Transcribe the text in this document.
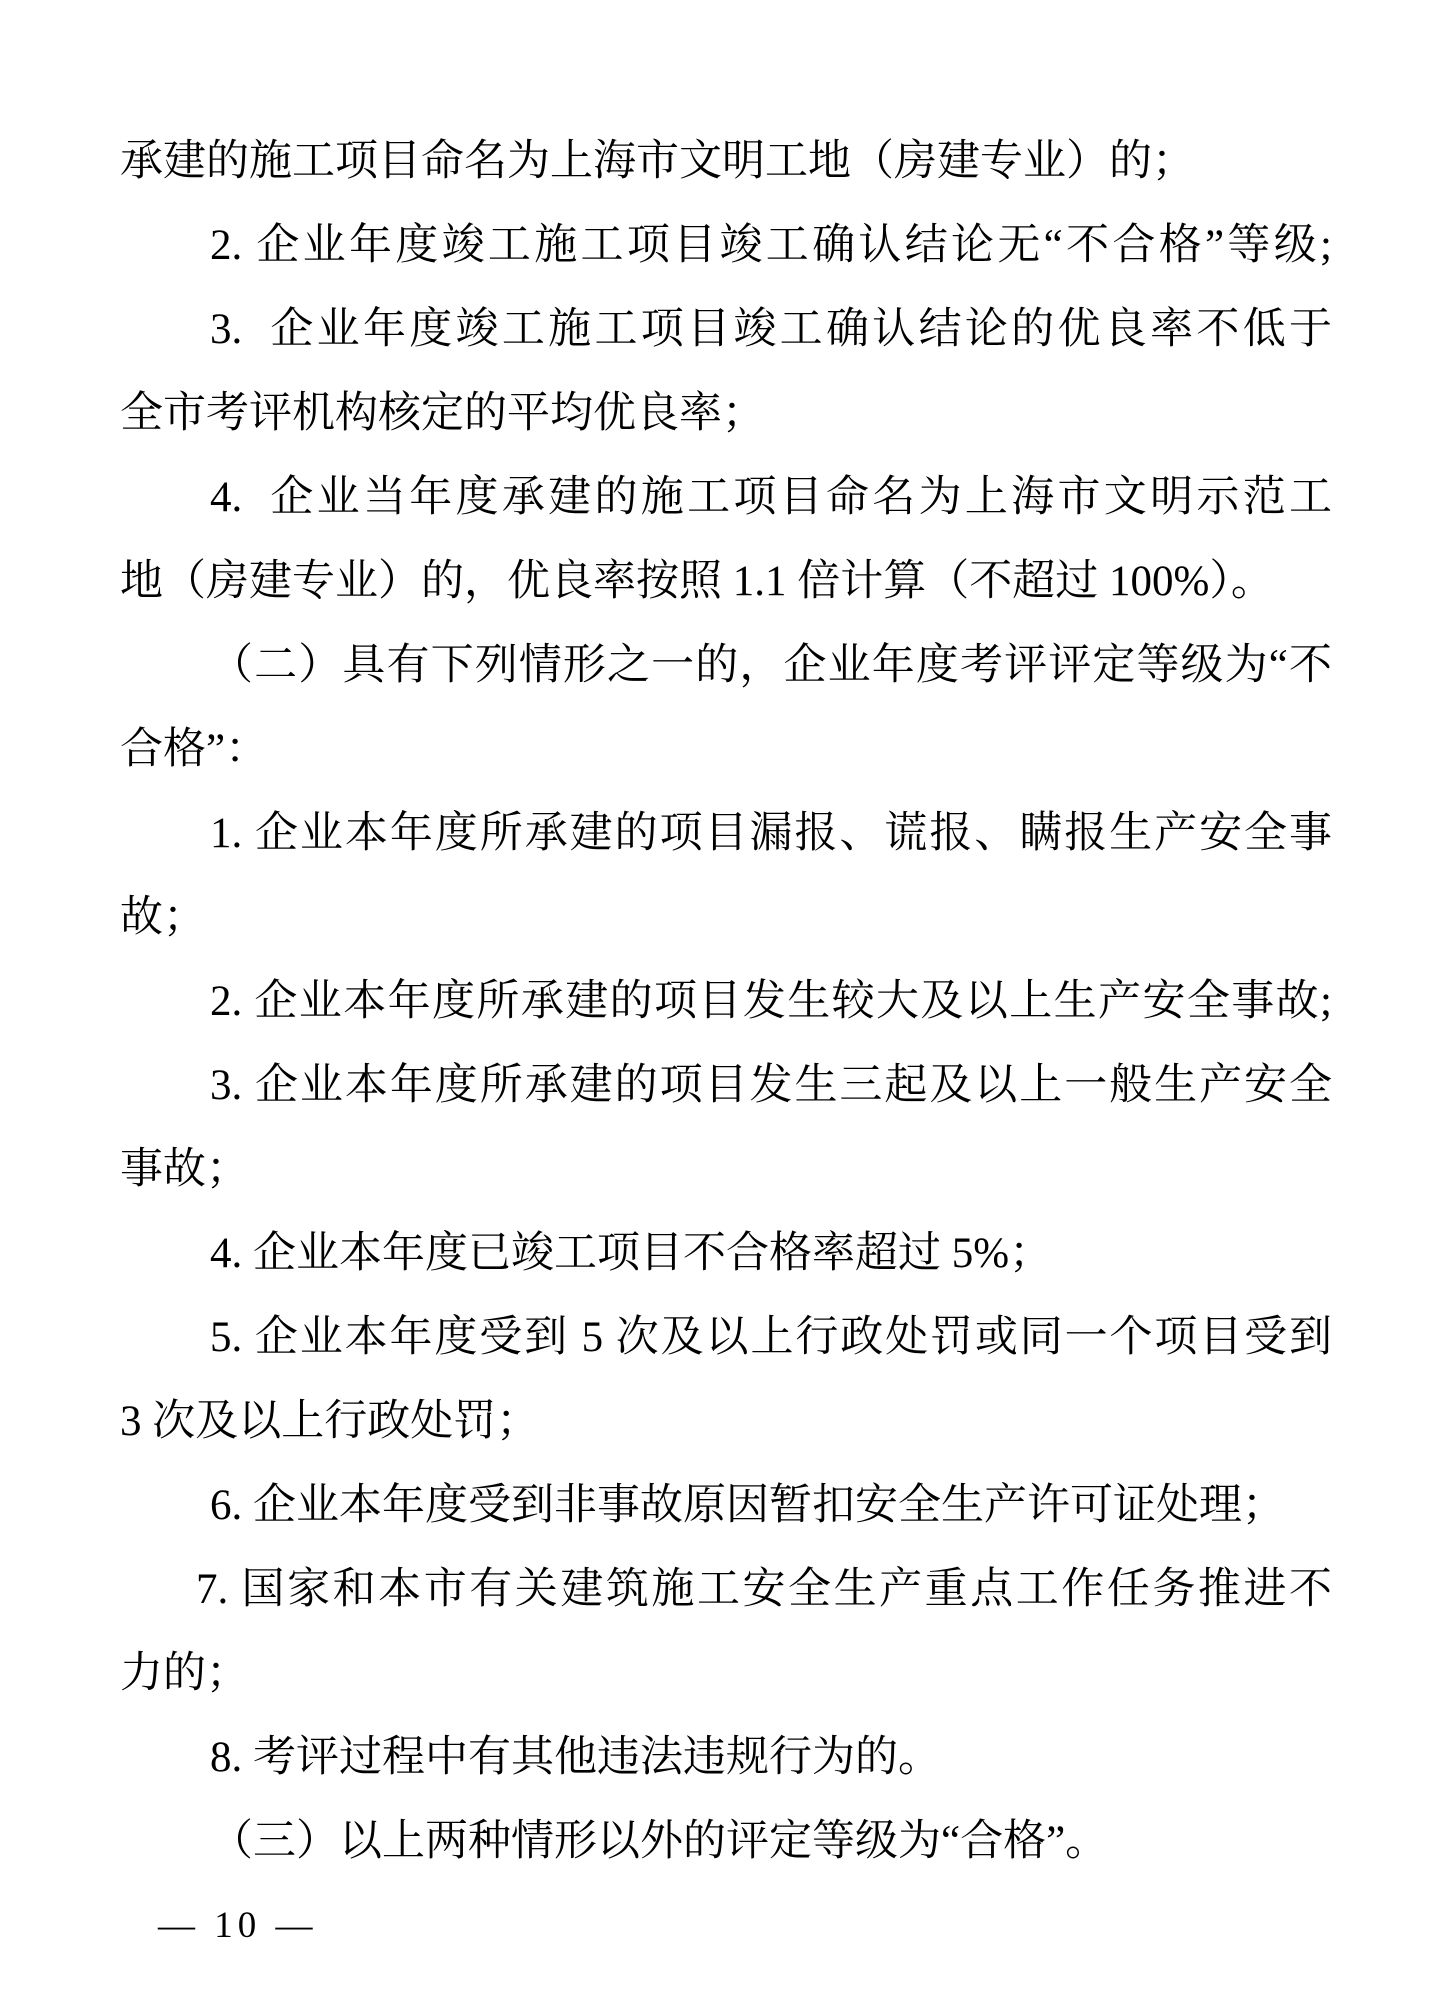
承建的施工项目命名为上海市文明工地（房建专业）的；
2. 企业年度竣工施工项目竣工确认结论无“不合格”等级;
3.  企业年度竣工施工项目竣工确认结论的优良率不低于
全市考评机构核定的平均优良率；
4.  企业当年度承建的施工项目命名为上海市文明示范工
地（房建专业）的，优良率按照 1.1 倍计算（不超过 100%）。
（二）具有下列情形之一的，企业年度考评评定等级为“不
合格”：
1. 企业本年度所承建的项目漏报、谎报、瞒报生产安全事
故；
2. 企业本年度所承建的项目发生较大及以上生产安全事故;
3. 企业本年度所承建的项目发生三起及以上一般生产安全
事故；
4. 企业本年度已竣工项目不合格率超过 5%；
5. 企业本年度受到 5 次及以上行政处罚或同一个项目受到
3 次及以上行政处罚；
6. 企业本年度受到非事故原因暂扣安全生产许可证处理；
7. 国家和本市有关建筑施工安全生产重点工作任务推进不
力的；
8. 考评过程中有其他违法违规行为的。
（三）以上两种情形以外的评定等级为“合格”。
— 10 —
